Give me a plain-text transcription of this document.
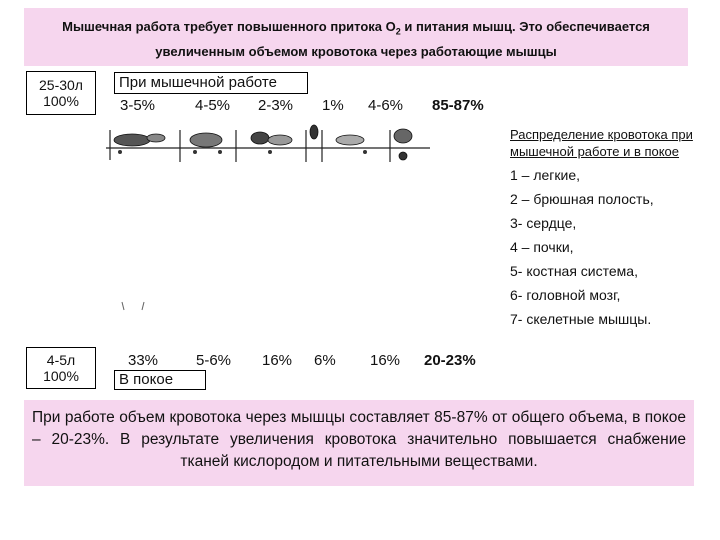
Мышечная работа требует повышенного притока $О_2$ и питания мышц. Это обеспечивается
увеличенным объемом кровотока через работающие мышцы
25-30л
100%
4-5л
100%
При мышечной работе
3-5%	4-5% 2-3% 1% 4-6% 85-87%
33%	5-6% 16% 6% 16% 20-23%
В покое
Распределение кровотока при мышечной работе и в покое
1 – легкие,
2 – брюшная полость,
3- сердце,
4 – почки,
5- костная система,
6- головной мозг,
7- скелетные мышцы.
При работе объем кровотока через мышцы составляет 85-87% от общего объема, в покое – 20-23%. В результате увеличения кровотока значительно повышается снабжение тканей кислородом и питательными веществами.
